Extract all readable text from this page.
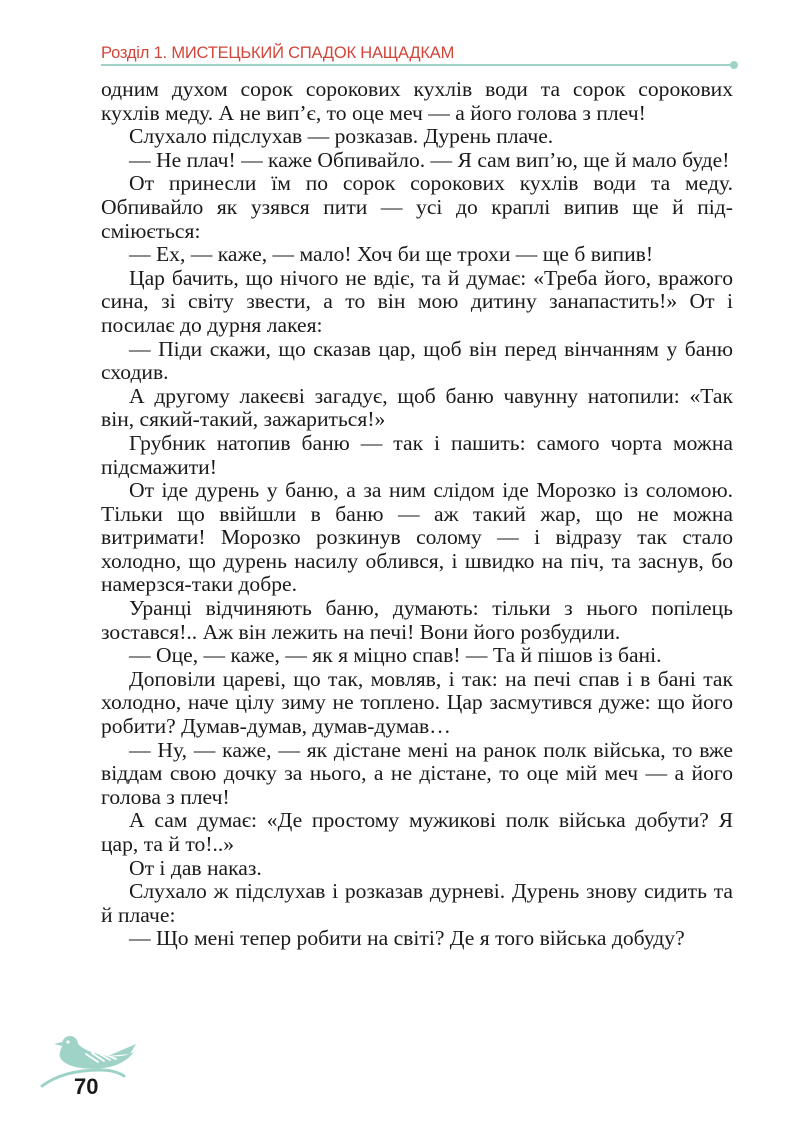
Розділ 1. МИСТЕЦЬКИЙ СПАДОК НАЩАДКАМ

одним духом сорок сорокових кухлів води та сорок сорокових кухлів меду. А не вип’є, то оце меч — а його голова з плеч!

Слухало підслухав — розказав. Дурень плаче.

— Не плач! — каже Обпивайло. — Я сам вип’ю, ще й мало буде!

От принесли їм по сорок сорокових кухлів води та меду. Обпивайло як узявся пити — усі до краплі випив ще й підсміюється:

— Ех, — каже, — мало! Хоч би ще трохи — ще б випив!

Цар бачить, що нічого не вдіє, та й думає: «Треба його, вражого сина, зі світу звести, а то він мою дитину занапастить!» От і посилає до дурня лакея:

— Піди скажи, що сказав цар, щоб він перед вінчанням у баню сходив.

А другому лакеєві загадує, щоб баню чавунну натопили: «Так він, сякий-такий, зажариться!»

Грубник натопив баню — так і пашить: самого чорта можна підсмажити!

От іде дурень у баню, а за ним слідом іде Морозко із соломою. Тільки що ввійшли в баню — аж такий жар, що не можна витримати! Морозко розкинув солому — і відразу так стало холодно, що дурень насилу облився, і швидко на піч, та заснув, бо намерзся-таки добре.

Уранці відчиняють баню, думають: тільки з нього попілець зостався!.. Аж він лежить на печі! Вони його розбудили.

— Оце, — каже, — як я міцно спав! — Та й пішов із бані.

Доповіли цареві, що так, мовляв, і так: на печі спав і в бані так холодно, наче цілу зиму не топлено. Цар засмутився дуже: що його робити? Думав-думав, думав-думав…

— Ну, — каже, — як дістане мені на ранок полк війська, то вже віддам свою дочку за нього, а не дістане, то оце мій меч — а його голова з плеч!

А сам думає: «Де простому мужикові полк війська добути? Я цар, та й то!..»

От і дав наказ.

Слухало ж підслухав і розказав дурневі. Дурень знову сидить та й плаче:

— Що мені тепер робити на світі? Де я того війська добуду?

70
